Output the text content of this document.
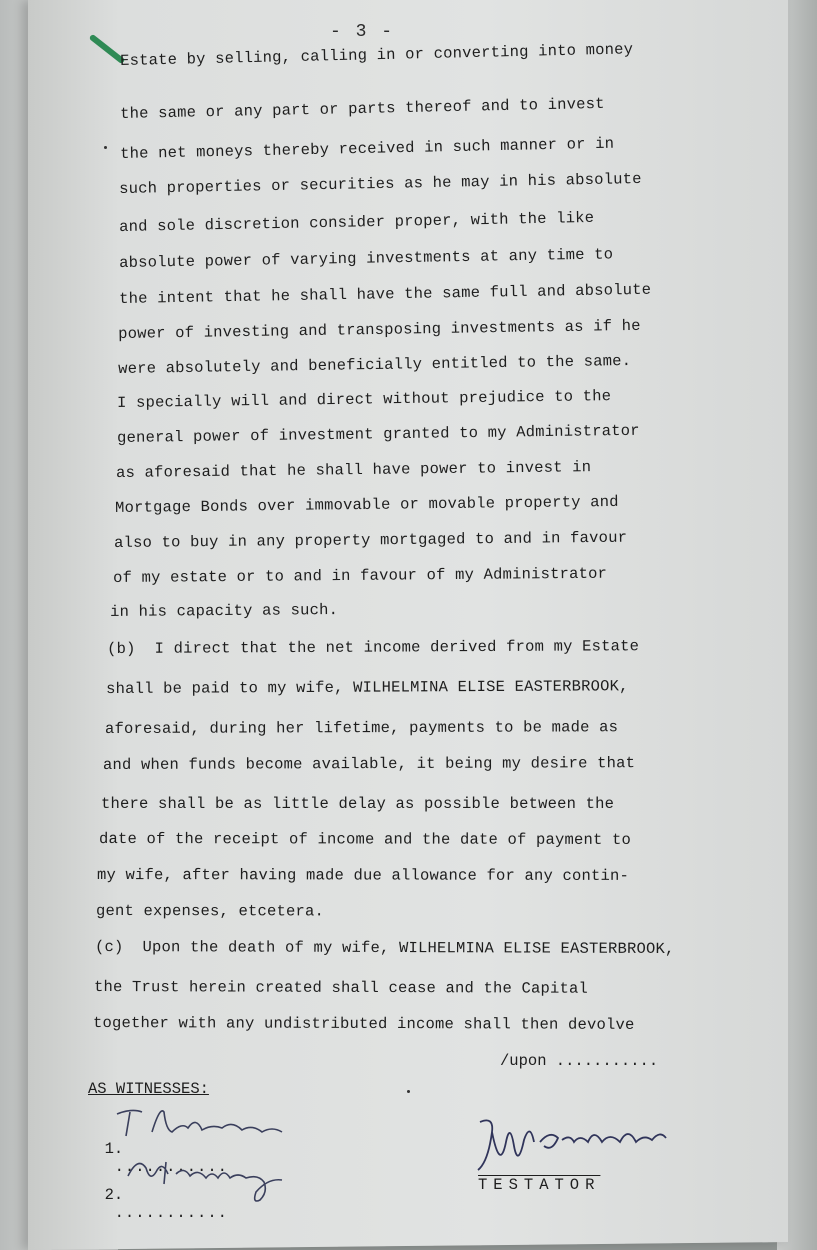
- 3 -
Estate by selling, calling in or converting into money
the same or any part or parts thereof and to invest
the net moneys thereby received in such manner or in
such properties or securities as he may in his absolute
and sole discretion consider proper, with the like
absolute power of varying investments at any time to
the intent that he shall have the same full and absolute
power of investing and transposing investments as if he
were absolutely and beneficially entitled to the same.
I specially will and direct without prejudice to the
general power of investment granted to my Administrator
as aforesaid that he shall have power to invest in
Mortgage Bonds over immovable or movable property and
also to buy in any property mortgaged to and in favour
of my estate or to and in favour of my Administrator
in his capacity as such.
(b)  I direct that the net income derived from my Estate
shall be paid to my wife, WILHELMINA ELISE EASTERBROOK,
aforesaid, during her lifetime, payments to be made as
and when funds become available, it being my desire that
there shall be as little delay as possible between the
date of the receipt of income and the date of payment to
my wife, after having made due allowance for any contin-
gent expenses, etcetera.
(c)  Upon the death of my wife, WILHELMINA ELISE EASTERBROOK,
the Trust herein created shall cease and the Capital
together with any undistributed income shall then devolve
/upon ...........
AS WITNESSES:

1.
...........

2.
...........

TESTATOR
